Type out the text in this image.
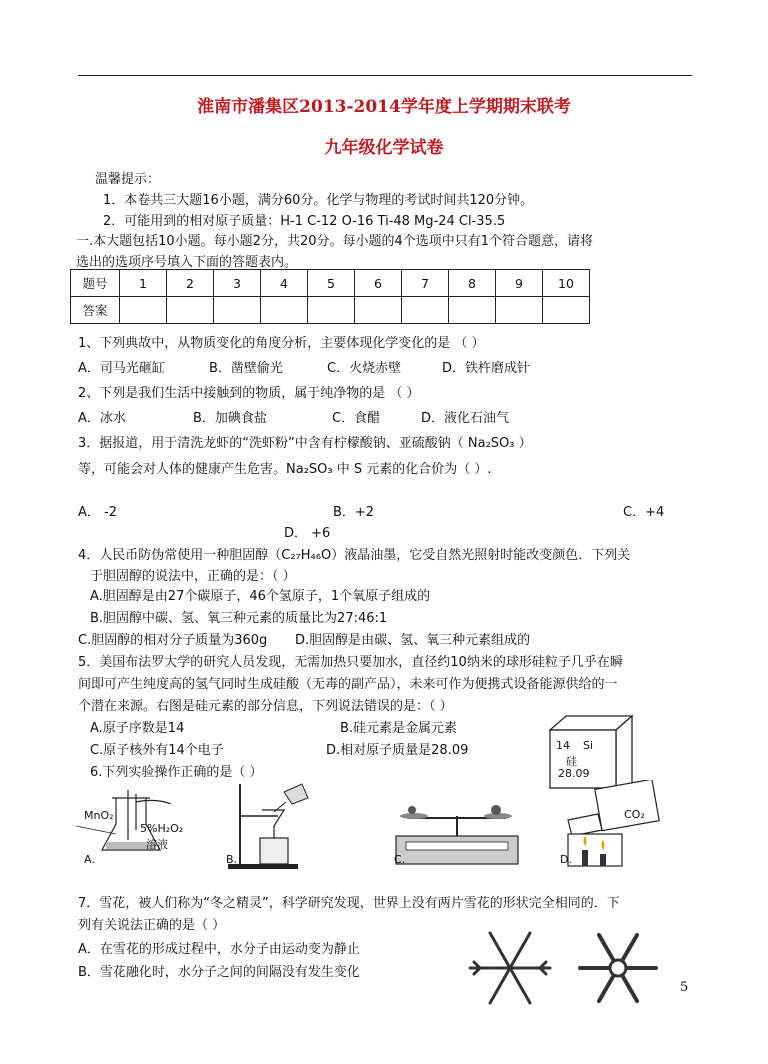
淮南市潘集区2013-2014学年度上学期期末联考
九年级化学试卷
温馨提示：
1．本卷共三大题16小题，满分60分。化学与物理的考试时间共120分钟。
2．可能用到的相对原子质量：H-1 C-12 O-16 Ti-48 Mg-24 Cl-35.5
一.本大题包括10小题。每小题2分，共20分。每小题的4个选项中只有1个符合题意，请将
选出的选项序号填入下面的答题表内。
题号	1	2	3	4	5	6	7	8	9	10
答案										
1、下列典故中，从物质变化的角度分析，主要体现化学变化的是 （ ）
A．司马光砸缸	B．凿壁偷光	C．火烧赤壁	D．铁杵磨成针
2、下列是我们生活中接触到的物质，属于纯净物的是 （ ）
A．冰水	B．加碘食盐	C．食醋	D．液化石油气
3．据报道，用于清洗龙虾的“洗虾粉”中含有柠檬酸钠、亚硫酸钠（ Na₂SO₃ ）
等，可能会对人体的健康产生危害。Na₂SO₃ 中 S 元素的化合价为（ ）.
A． -2	B．+2	C．+4
D． +6
4．人民币防伪常使用一种胆固醇（C₂₇H₄₆O）液晶油墨，它受自然光照射时能改变颜色．下列关
于胆固醇的说法中，正确的是：（ ）
A.胆固醇是由27个碳原子，46个氢原子，1个氧原子组成的
B.胆固醇中碳、氢、氧三种元素的质量比为27:46:1
C.胆固醇的相对分子质量为360g D.胆固醇是由碳、氢、氧三种元素组成的
5．美国布法罗大学的研究人员发现，无需加热只要加水，直径约10纳米的球形硅粒子几乎在瞬
间即可产生纯度高的氢气同时生成硅酸（无毒的副产品），未来可作为便携式设备能源供给的一
个潜在来源。右图是硅元素的部分信息，下列说法错误的是：（ ）
A.原子序数是14	B.硅元素是金属元素
C.原子核外有14个电子	D.相对原子质量是28.09	14 Si
硅
28.09
6.下列实验操作正确的是（ ）
MnO₂
5%H₂O₂
溶液
A.	B.	C.
CO₂
D.
7．雪花，被人们称为“冬之精灵”，科学研究发现，世界上没有两片雪花的形状完全相同的．下
列有关说法正确的是（ ）
A．在雪花的形成过程中，水分子由运动变为静止
B．雪花融化时，水分子之间的间隔没有发生变化
5
